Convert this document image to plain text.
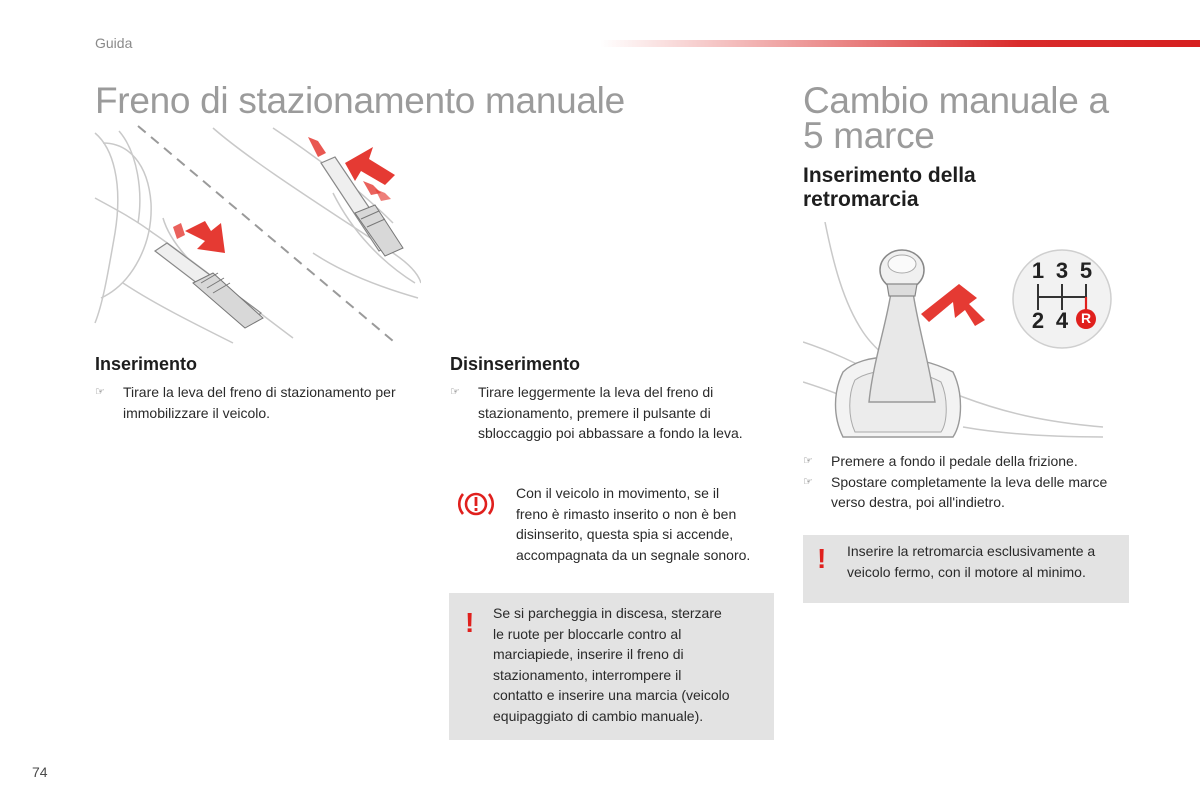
Guida
Freno di stazionamento manuale
Inserimento
☞ Tirare la leva del freno di stazionamento per immobilizzare il veicolo.
Disinserimento
☞ Tirare leggermente la leva del freno di stazionamento, premere il pulsante di sbloccaggio poi abbassare a fondo la leva.
Con il veicolo in movimento, se il
freno è rimasto inserito o non è ben
disinserito, questa spia si accende,
accompagnata da un segnale sonoro.
! Se si parcheggia in discesa, sterzare
le ruote per bloccarle contro al
marciapiede, inserire il freno di
stazionamento, interrompere il
contatto e inserire una marcia (veicolo
equipaggiato di cambio manuale).
Cambio manuale a
5 marce
Inserimento della
retromarcia
1 3 5
2 4 R
☞ Premere a fondo il pedale della frizione.
☞ Spostare completamente la leva delle marce verso destra, poi all'indietro.
! Inserire la retromarcia esclusivamente a
veicolo fermo, con il motore al minimo.
74
